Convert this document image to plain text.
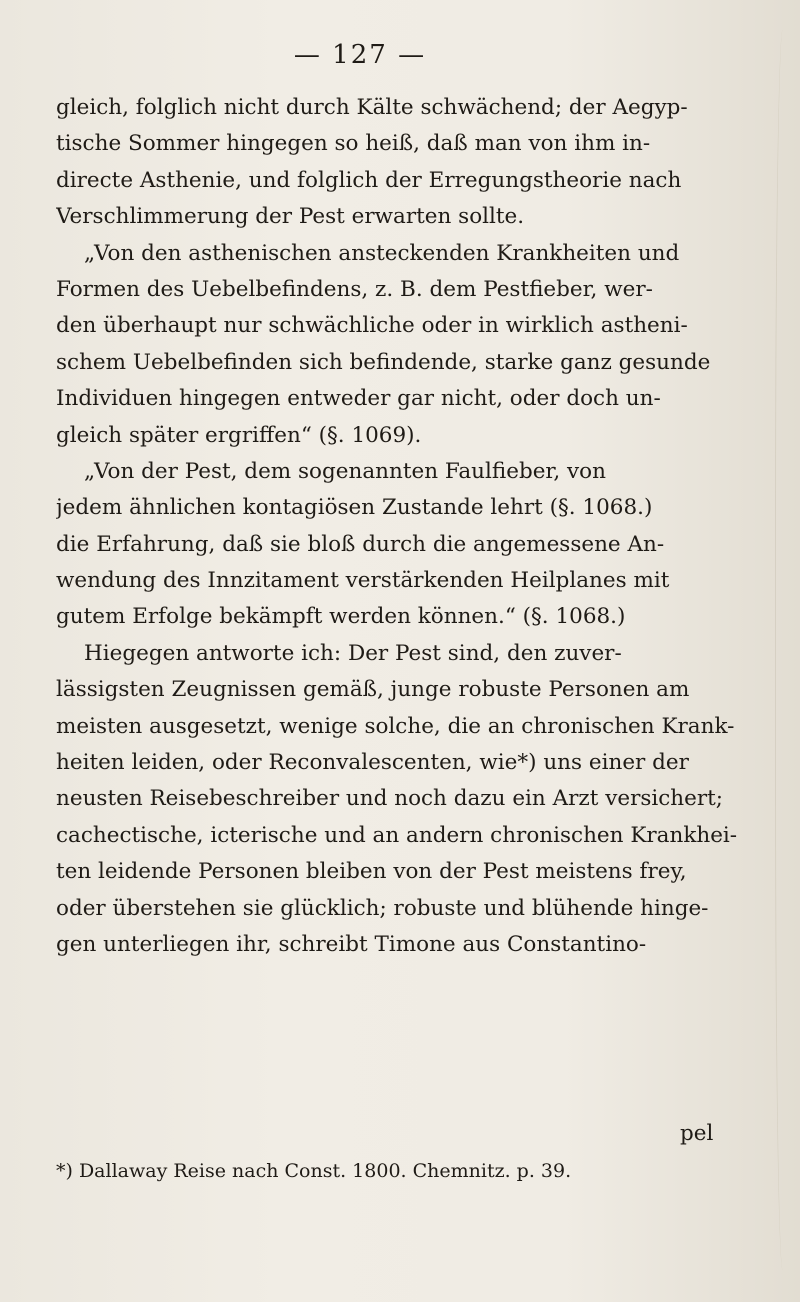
— 127 —
gleich, folglich nicht durch Kälte schwächend; der Aegyp-
tische Sommer hingegen so heiß, daß man von ihm in-
directe Asthenie, und folglich der Erregungstheorie nach
Verschlimmerung der Pest erwarten sollte.
„Von den asthenischen ansteckenden Krankheiten und
Formen des Uebelbefindens, z. B. dem Pestfieber, wer-
den überhaupt nur schwächliche oder in wirklich astheni-
schem Uebelbefinden sich befindende, starke ganz gesunde
Individuen hingegen entweder gar nicht, oder doch un-
gleich später ergriffen“ (§. 1069).
„Von der Pest, dem sogenannten Faulfieber, von
jedem ähnlichen kontagiösen Zustande lehrt (§. 1068.)
die Erfahrung, daß sie bloß durch die angemessene An-
wendung des Innzitament verstärkenden Heilplanes mit
gutem Erfolge bekämpft werden können.“ (§. 1068.)
Hiegegen antworte ich: Der Pest sind, den zuver-
lässigsten Zeugnissen gemäß, junge robuste Personen am
meisten ausgesetzt, wenige solche, die an chronischen Krank-
heiten leiden, oder Reconvalescenten, wie*) uns einer der
neusten Reisebeschreiber und noch dazu ein Arzt versichert;
cachectische, icterische und an andern chronischen Krankhei-
ten leidende Personen bleiben von der Pest meistens frey,
oder überstehen sie glücklich; robuste und blühende hinge-
gen unterliegen ihr, schreibt Timone aus Constantino-
pel
*) Dallaway Reise nach Const. 1800. Chemnitz. p. 39.
